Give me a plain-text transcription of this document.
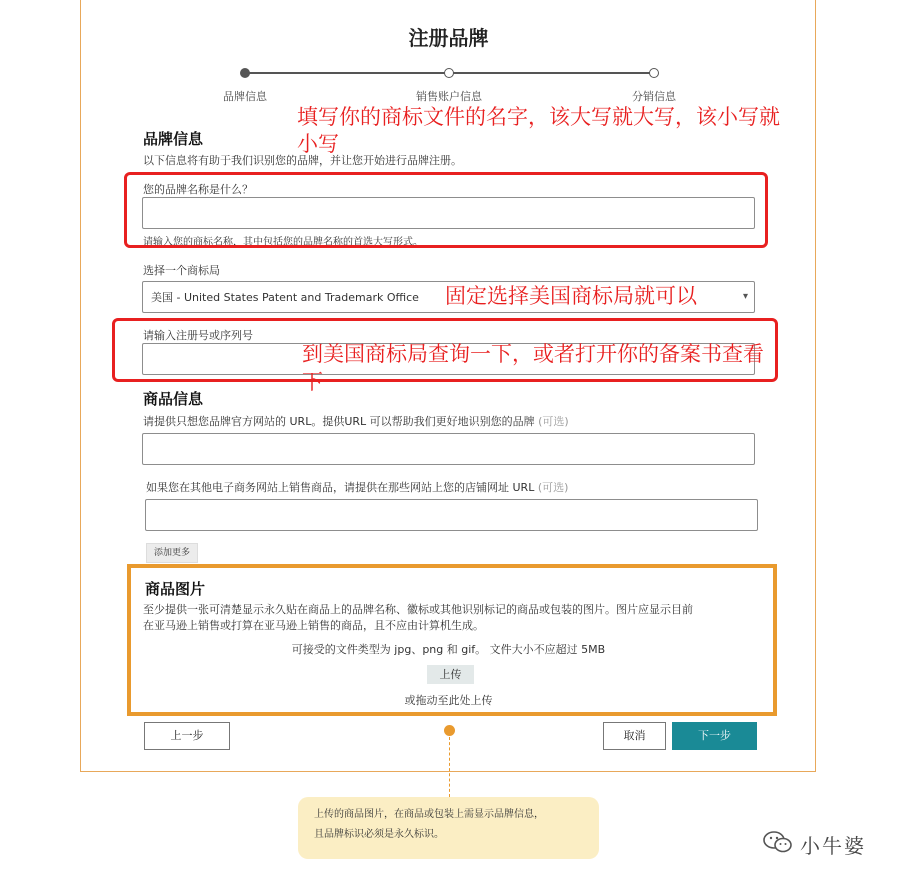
注册品牌
品牌信息	销售账户信息	分销信息
品牌信息
以下信息将有助于我们识别您的品牌，并让您开始进行品牌注册。
您的品牌名称是什么？
请输入您的商标名称，其中包括您的品牌名称的首选大写形式。
选择一个商标局
美国 - United States Patent and Trademark Office	▾
请输入注册号或序列号
商品信息
请提供只想您品牌官方网站的 URL。提供URL 可以帮助我们更好地识别您的品牌 (可选)
如果您在其他电子商务网站上销售商品，请提供在那些网站上您的店铺网址 URL (可选)
添加更多
商品图片
至少提供一张可清楚显示永久贴在商品上的品牌名称、徽标或其他识别标记的商品或包装的图片。图片应显示目前
在亚马逊上销售或打算在亚马逊上销售的商品，且不应由计算机生成。
可接受的文件类型为 jpg、png 和 gif。 文件大小不应超过 5MB
上传
或拖动至此处上传
上一步	取消	下一步
填写你的商标文件的名字，该大写就大写，该小写就
小写
固定选择美国商标局就可以
到美国商标局查询一下，或者打开你的备案书查看
下
上传的商品图片，在商品或包装上需显示品牌信息，
且品牌标识必须是永久标识。	小牛婆
